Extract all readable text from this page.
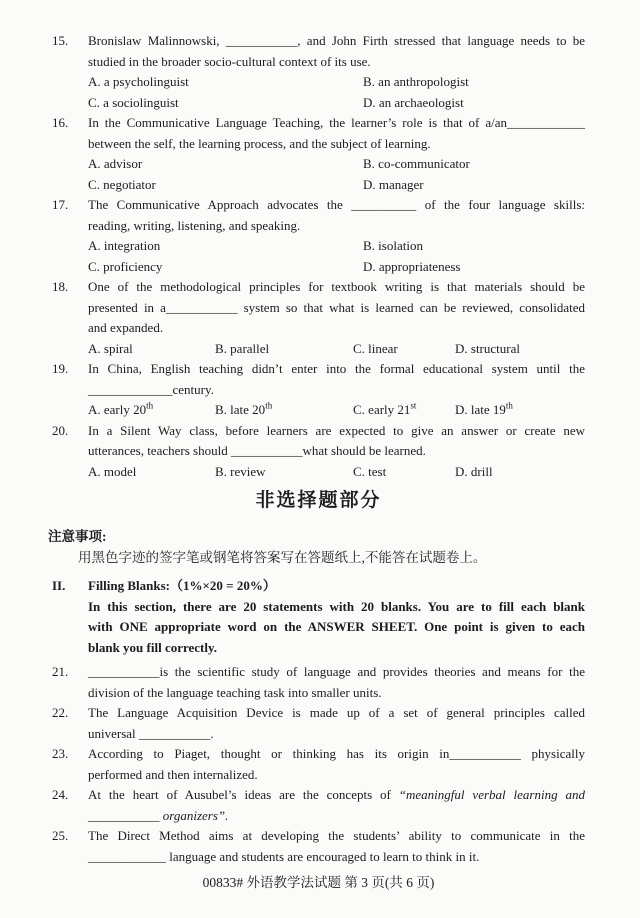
15.	Bronislaw Malinnowski, ___________, and John Firth stressed that language needs to be
studied in the broader socio-cultural context of its use.
A. a psycholinguist	B. an anthropologist
C. a sociolinguist	D. an archaeologist
16.	In the Communicative Language Teaching, the learner’s role is that of a/an____________
between the self, the learning process, and the subject of learning.
A. advisor	B. co-communicator
C. negotiator	D. manager
17.	The Communicative Approach advocates the __________ of the four language skills:
reading, writing, listening, and speaking.
A. integration	B. isolation
C. proficiency	D. appropriateness
18.	One of the methodological principles for textbook writing is that materials should be
presented in a___________ system so that what is learned can be reviewed, consolidated
and expanded.
A. spiral	B. parallel	C. linear	D. structural
19.	In China, English teaching didn’t enter into the formal educational system until the
_____________century.
A. early 20th	B. late 20th	C. early 21st	D. late 19th
20.	In a Silent Way class, before learners are expected to give an answer or create new
utterances, teachers should ___________what should be learned.
A. model	B. review	C. test	D. drill
非选择题部分
注意事项:
用黑色字迹的签字笔或钢笔将答案写在答题纸上,不能答在试题卷上。
II.	Filling Blanks:（1%×20 = 20%）
In this section, there are 20 statements with 20 blanks. You are to fill each blank
with ONE appropriate word on the ANSWER SHEET. One point is given to each
blank you fill correctly.
21.	___________is the scientific study of language and provides theories and means for the
division of the language teaching task into smaller units.
22.	The Language Acquisition Device is made up of a set of general principles called
universal ___________.
23.	According to Piaget, thought or thinking has its origin in___________ physically
performed and then internalized.
24.	At the heart of Ausubel’s ideas are the concepts of “meaningful verbal learning and
___________ organizers”.
25.	The Direct Method aims at developing the students’ ability to communicate in the
____________ language and students are encouraged to learn to think in it.
00833# 外语教学法试题 第 3 页(共 6 页)
